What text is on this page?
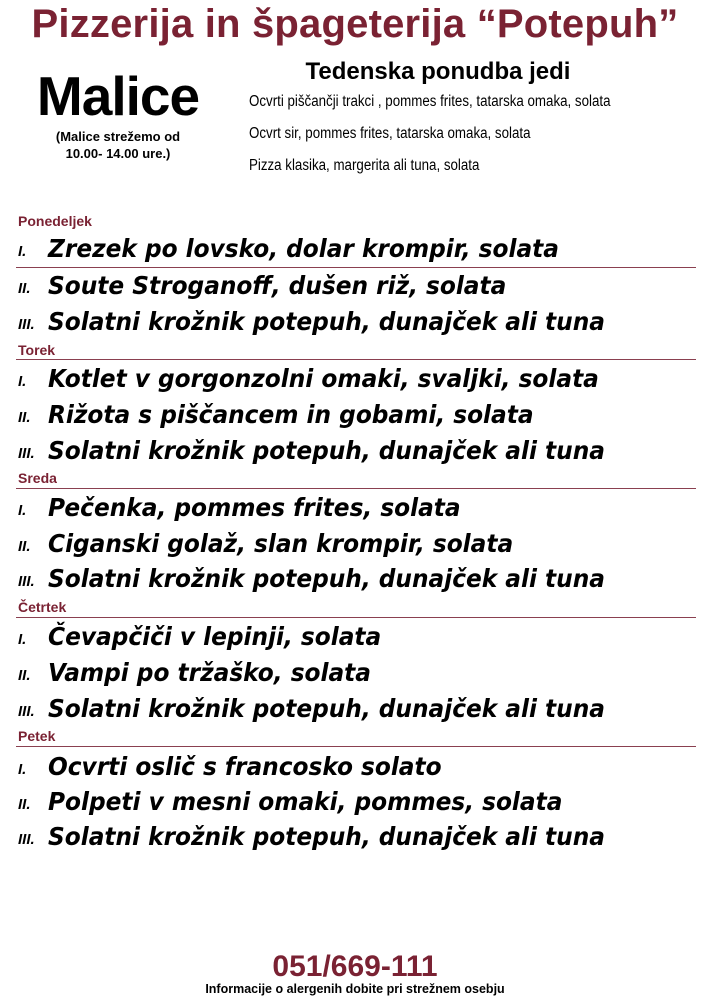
Pizzerija in špageterija “Potepuh”
Malice
(Malice strežemo od
10.00- 14.00 ure.)
Tedenska ponudba jedi
Ocvrti piščančji trakci , pommes frites, tatarska omaka, solata
Ocvrt sir, pommes frites, tatarska omaka, solata
Pizza klasika, margerita ali tuna, solata
Ponedeljek
I. Zrezek po lovsko, dolar krompir, solata
II. Soute Stroganoff, dušen riž, solata
III. Solatni krožnik potepuh, dunajček ali tuna
Torek
I. Kotlet v gorgonzolni omaki, svaljki, solata
II. Rižota s piščancem in gobami, solata
III. Solatni krožnik potepuh, dunajček ali tuna
Sreda
I. Pečenka, pommes frites, solata
II. Ciganski golaž, slan krompir, solata
III. Solatni krožnik potepuh, dunajček ali tuna
Četrtek
I. Čevapčiči v lepinji, solata
II. Vampi po tržaško, solata
III. Solatni krožnik potepuh, dunajček ali tuna
Petek
I. Ocvrti oslič s francosko solato
II. Polpeti v mesni omaki, pommes, solata
III. Solatni krožnik potepuh, dunajček ali tuna
051/669-111
Informacije o alergenih dobite pri strežnem osebju
